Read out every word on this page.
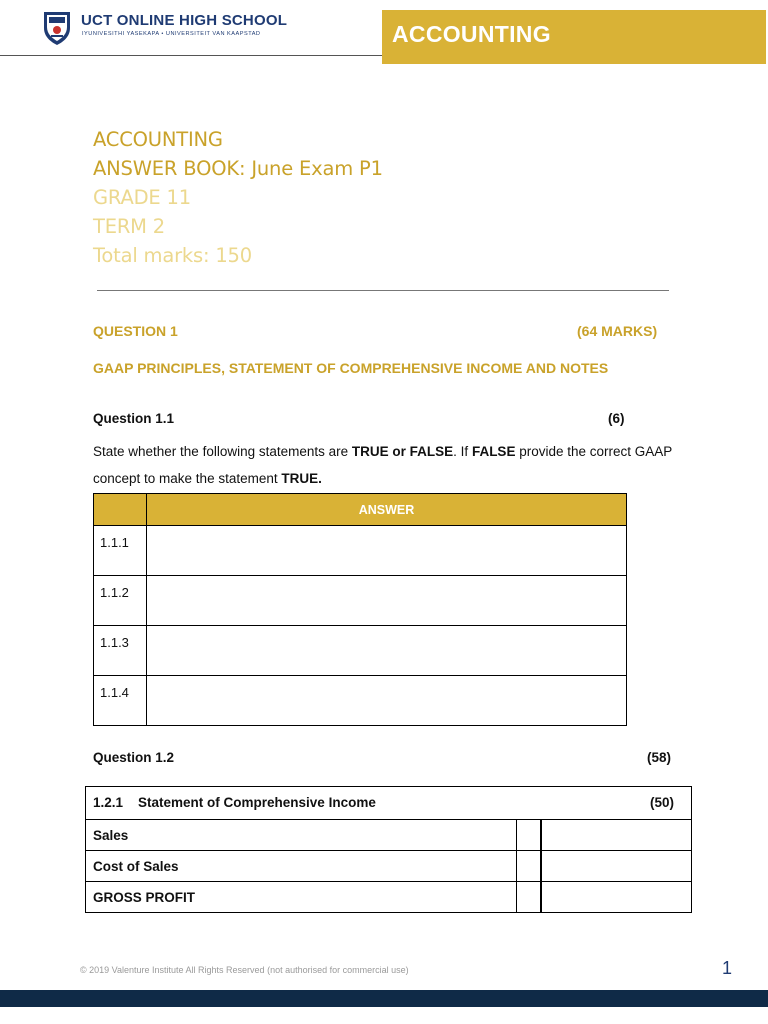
UCT ONLINE HIGH SCHOOL
IYUNIVESITHI YASEKAPA • UNIVERSITEIT VAN KAAPSTAD	ACCOUNTING
ACCOUNTING
ANSWER BOOK: June Exam P1
GRADE 11
TERM 2
Total marks: 150
QUESTION 1	(64 MARKS)
GAAP PRINCIPLES, STATEMENT OF COMPREHENSIVE INCOME AND NOTES
Question 1.1	(6)
State whether the following statements are TRUE or FALSE. If FALSE provide the correct GAAP concept to make the statement TRUE.
	ANSWER
1.1.1	
1.1.2	
1.1.3	
1.1.4	
Question 1.2	(58)
1.2.1    Statement of Comprehensive Income (50)		

Sales		
Cost of Sales		
GROSS PROFIT		
© 2019 Valenture Institute All Rights Reserved (not authorised for commercial use)	1
